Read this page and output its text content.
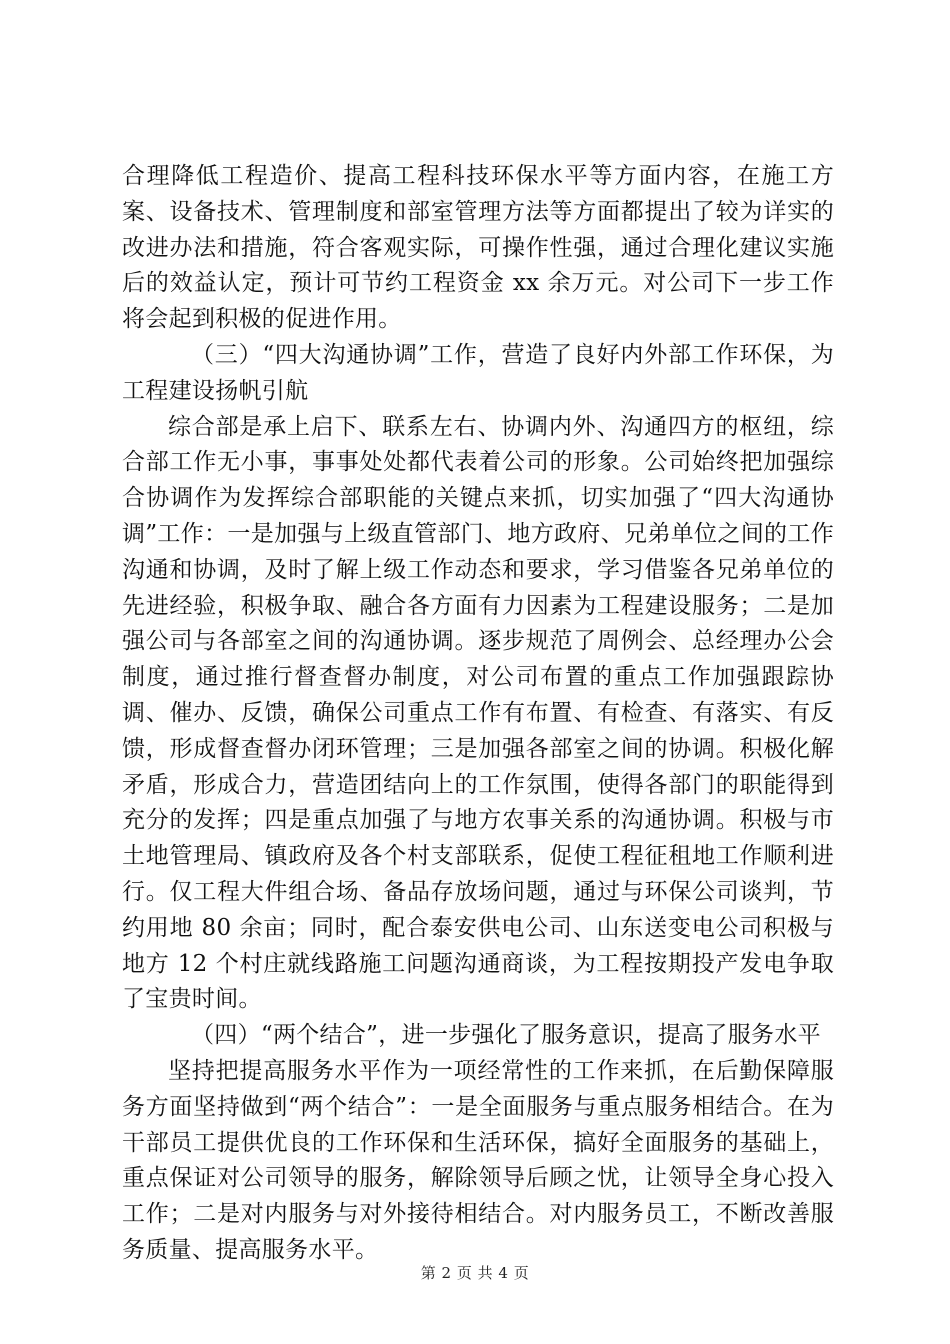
合理降低工程造价、提高工程科技环保水平等方面内容，在施工方案、设备技术、管理制度和部室管理方法等方面都提出了较为详实的改进办法和措施，符合客观实际，可操作性强，通过合理化建议实施后的效益认定，预计可节约工程资金 xx 余万元。对公司下一步工作将会起到积极的促进作用。

（三）“四大沟通协调”工作，营造了良好内外部工作环保，为工程建设扬帆引航

综合部是承上启下、联系左右、协调内外、沟通四方的枢纽，综合部工作无小事，事事处处都代表着公司的形象。公司始终把加强综合协调作为发挥综合部职能的关键点来抓，切实加强了“四大沟通协调”工作：一是加强与上级直管部门、地方政府、兄弟单位之间的工作沟通和协调，及时了解上级工作动态和要求，学习借鉴各兄弟单位的先进经验，积极争取、融合各方面有力因素为工程建设服务；二是加强公司与各部室之间的沟通协调。逐步规范了周例会、总经理办公会制度，通过推行督查督办制度，对公司布置的重点工作加强跟踪协调、催办、反馈，确保公司重点工作有布置、有检查、有落实、有反馈，形成督查督办闭环管理；三是加强各部室之间的协调。积极化解矛盾，形成合力，营造团结向上的工作氛围，使得各部门的职能得到充分的发挥；四是重点加强了与地方农事关系的沟通协调。积极与市土地管理局、镇政府及各个村支部联系，促使工程征租地工作顺利进行。仅工程大件组合场、备品存放场问题，通过与环保公司谈判，节约用地 80 余亩；同时，配合泰安供电公司、山东送变电公司积极与地方 12 个村庄就线路施工问题沟通商谈，为工程按期投产发电争取了宝贵时间。

（四）“两个结合”，进一步强化了服务意识，提高了服务水平

坚持把提高服务水平作为一项经常性的工作来抓，在后勤保障服务方面坚持做到“两个结合”：一是全面服务与重点服务相结合。在为干部员工提供优良的工作环保和生活环保，搞好全面服务的基础上，重点保证对公司领导的服务，解除领导后顾之忧，让领导全身心投入工作；二是对内服务与对外接待相结合。对内服务员工，不断改善服务质量、提高服务水平。

第 2 页 共 4 页
